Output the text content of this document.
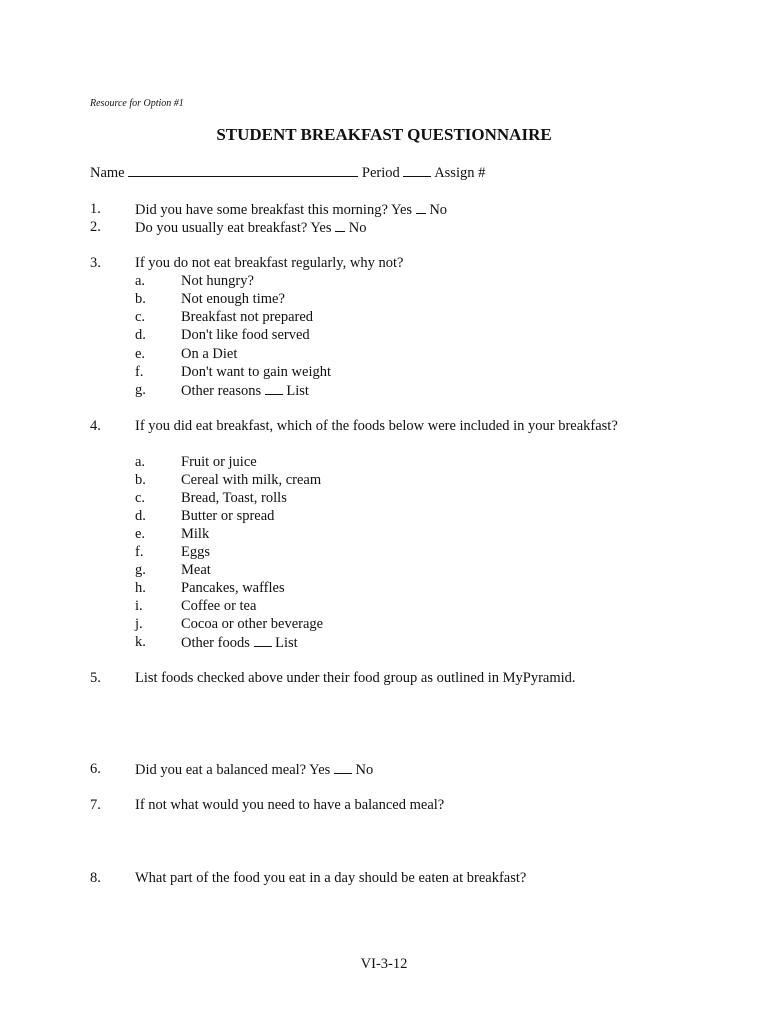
Resource for Option #1
STUDENT BREAKFAST QUESTIONNAIRE
Name	Period Assign #
1. Did you have some breakfast this morning? Yes No
2. Do you usually eat breakfast? Yes No
3. If you do not eat breakfast regularly, why not?
a. Not hungry?
b. Not enough time?
c. Breakfast not prepared
d. Don't like food served
e. On a Diet
f.	Don't want to gain weight
g. Other reasons List
4. If you did eat breakfast, which of the foods below were included in your breakfast?
a. Fruit or juice
b. Cereal with milk, cream
c. Bread, Toast, rolls
d. Butter or spread
e. Milk
f.	Eggs
g. Meat
h. Pancakes, waffles
i.	Coffee or tea
j.	Cocoa or other beverage
k. Other foods List
5. List foods checked above under their food group as outlined in MyPyramid.
6. Did you eat a balanced meal? Yes No
7. If not what would you need to have a balanced meal?
8. What part of the food you eat in a day should be eaten at breakfast?
VI-3-12
